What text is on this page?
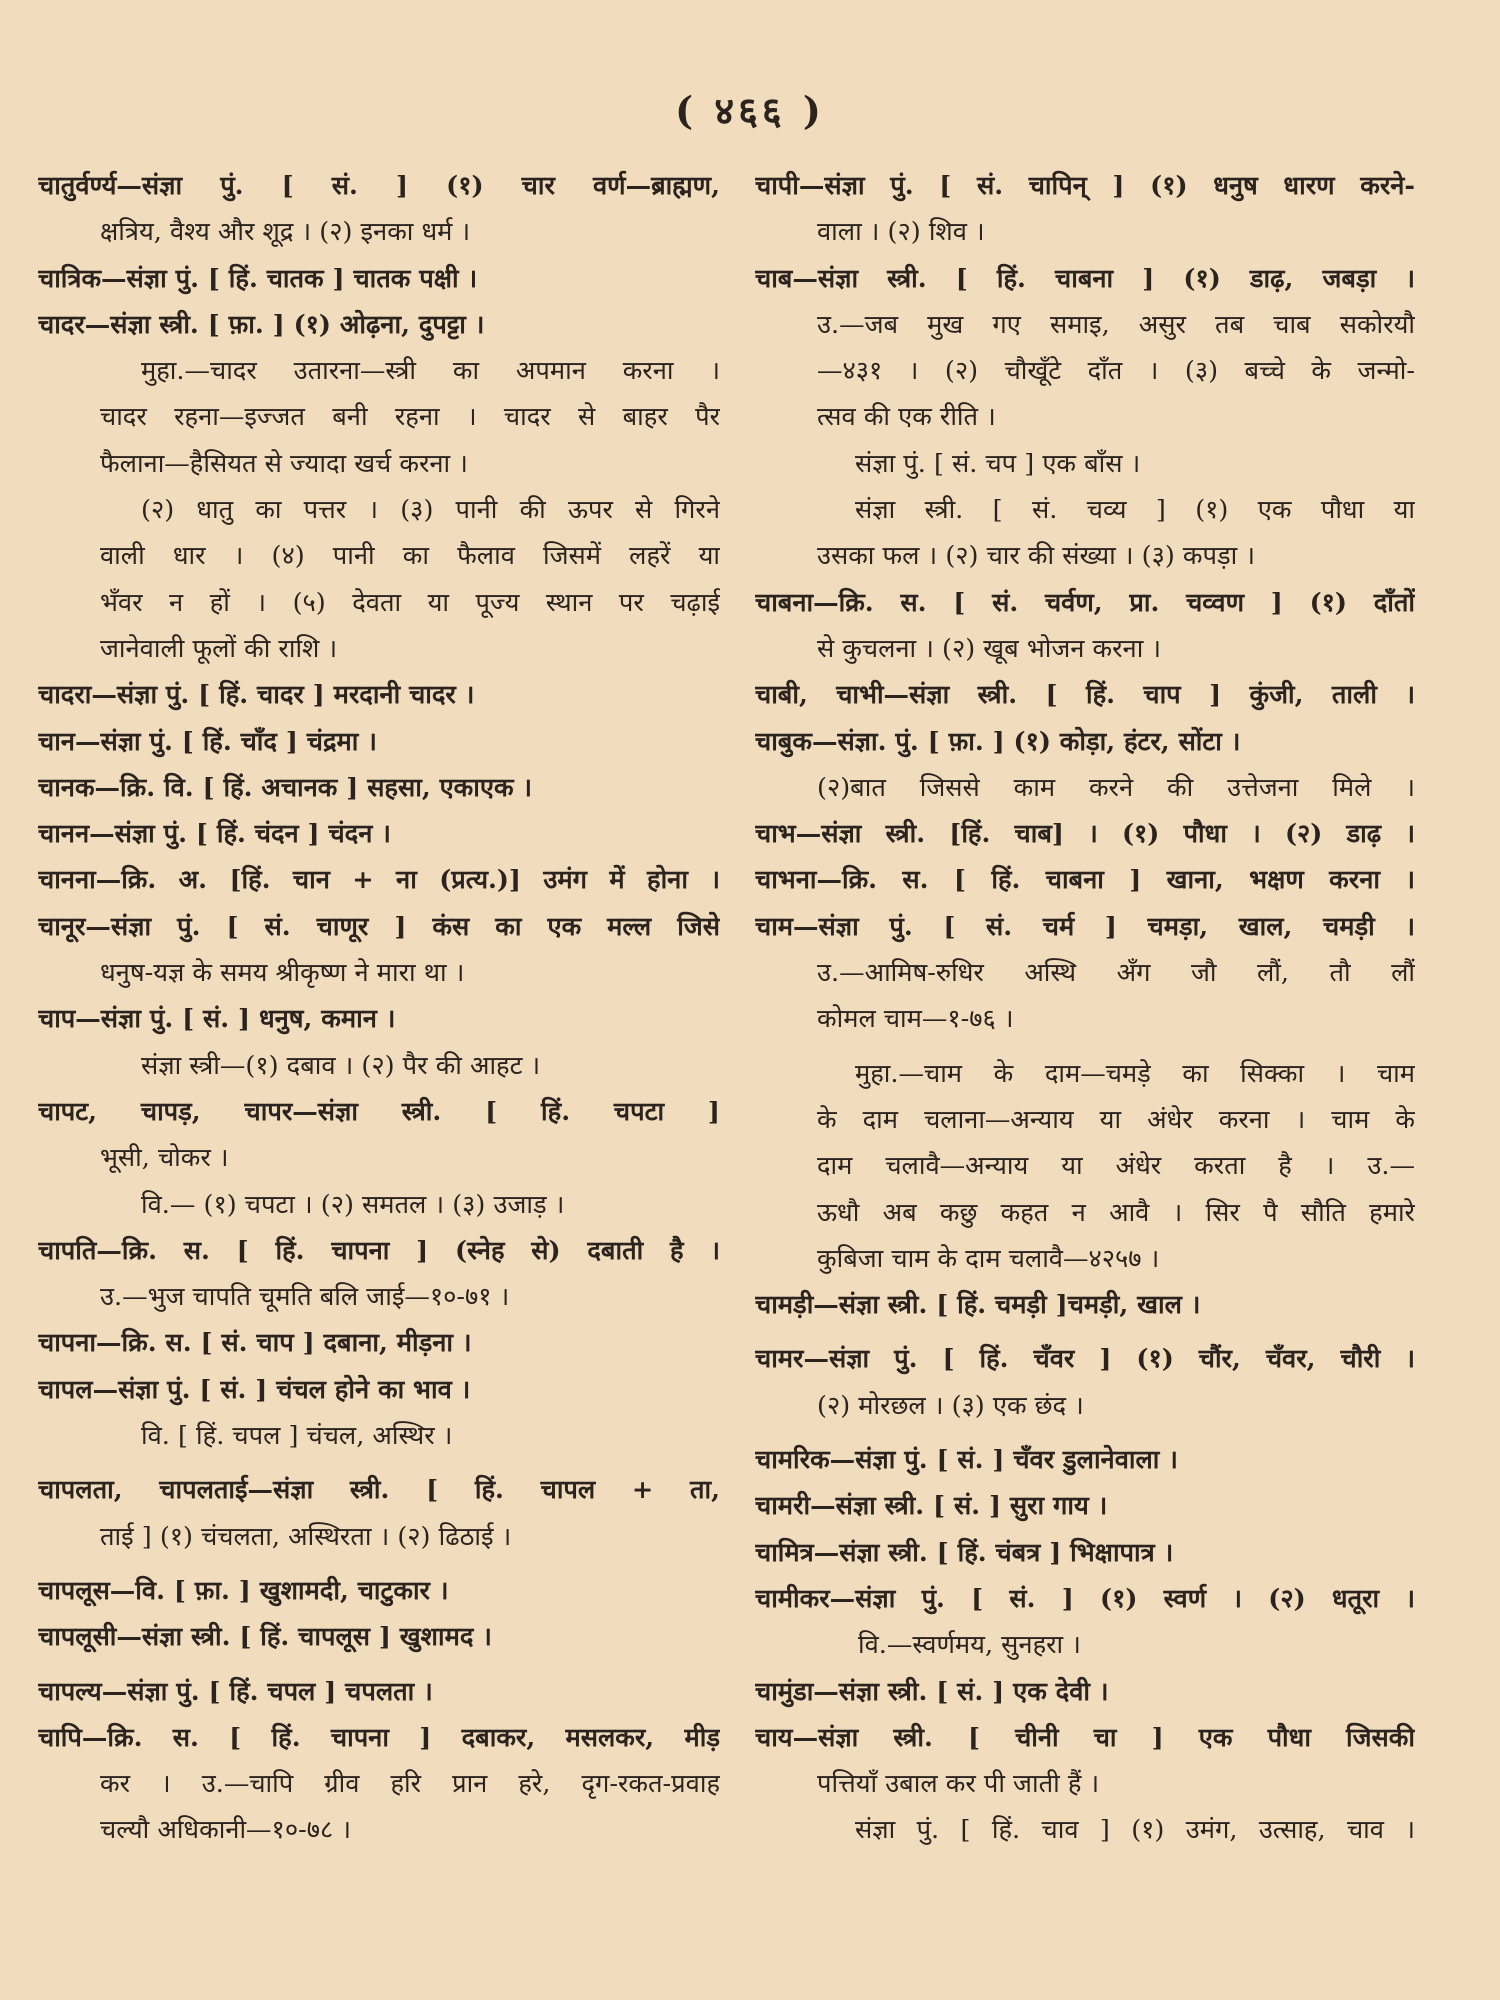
( ४६६ )
चातुर्वर्ण्य—संज्ञा पुं. [ सं. ] (१) चार वर्ण—ब्राह्मण,
क्षत्रिय, वैश्य और शूद्र । (२) इनका धर्म ।
चात्रिक—संज्ञा पुं. [ हिं. चातक ] चातक पक्षी ।
चादर—संज्ञा स्त्री. [ फ़ा. ] (१) ओढ़ना, दुपट्टा ।
मुहा.—चादर उतारना—स्त्री का अपमान करना ।
चादर रहना—इज्जत बनी रहना । चादर से बाहर पैर
फैलाना—हैसियत से ज्यादा खर्च करना ।
(२) धातु का पत्तर । (३) पानी की ऊपर से गिरने
वाली धार । (४) पानी का फैलाव जिसमें लहरें या
भँवर न हों । (५) देवता या पूज्य स्थान पर चढ़ाई
जानेवाली फूलों की राशि ।
चादरा—संज्ञा पुं. [ हिं. चादर ] मरदानी चादर ।
चान—संज्ञा पुं. [ हिं. चाँद ] चंद्रमा ।
चानक—क्रि. वि. [ हिं. अचानक ] सहसा, एकाएक ।
चानन—संज्ञा पुं. [ हिं. चंदन ] चंदन ।
चानना—क्रि. अ. [हिं. चान + ना (प्रत्य.)] उमंग में होना ।
चानूर—संज्ञा पुं. [ सं. चाणूर ] कंस का एक मल्ल जिसे
धनुष-यज्ञ के समय श्रीकृष्ण ने मारा था ।
चाप—संज्ञा पुं. [ सं. ] धनुष, कमान ।
संज्ञा स्त्री—(१) दबाव । (२) पैर की आहट ।
चापट, चापड़, चापर—संज्ञा स्त्री. [ हिं. चपटा ]
भूसी, चोकर ।
वि.— (१) चपटा । (२) समतल । (३) उजाड़ ।
चापति—क्रि. स. [ हिं. चापना ] (स्नेह से) दबाती है ।
उ.—भुज चापति चूमति बलि जाई—१०-७१ ।
चापना—क्रि. स. [ सं. चाप ] दबाना, मीड़ना ।
चापल—संज्ञा पुं. [ सं. ] चंचल होने का भाव ।
वि. [ हिं. चपल ] चंचल, अस्थिर ।
चापलता, चापलताई—संज्ञा स्त्री. [ हिं. चापल + ता,
ताई ] (१) चंचलता, अस्थिरता । (२) ढिठाई ।
चापलूस—वि. [ फ़ा. ] खुशामदी, चाटुकार ।
चापलूसी—संज्ञा स्त्री. [ हिं. चापलूस ] खुशामद ।
चापल्य—संज्ञा पुं. [ हिं. चपल ] चपलता ।
चापि—क्रि. स. [ हिं. चापना ] दबाकर, मसलकर, मीड़
कर । उ.—चापि ग्रीव हरि प्रान हरे, दृग-रकत-प्रवाह
चल्यौ अधिकानी—१०-७८ ।
चापी—संज्ञा पुं. [ सं. चापिन् ] (१) धनुष धारण करने-
वाला । (२) शिव ।
चाब—संज्ञा स्त्री. [ हिं. चाबना ] (१) डाढ़, जबड़ा ।
उ.—जब मुख गए समाइ, असुर तब चाब सकोरयौ
—४३१ । (२) चौखूँटे दाँत । (३) बच्चे के जन्मो-
त्सव की एक रीति ।
संज्ञा पुं. [ सं. चप ] एक बाँस ।
संज्ञा स्त्री. [ सं. चव्य ] (१) एक पौधा या
उसका फल । (२) चार की संख्या । (३) कपड़ा ।
चाबना—क्रि. स. [ सं. चर्वण, प्रा. चव्वण ] (१) दाँतों
से कुचलना । (२) खूब भोजन करना ।
चाबी, चाभी—संज्ञा स्त्री. [ हिं. चाप ] कुंजी, ताली ।
चाबुक—संज्ञा. पुं. [ फ़ा. ] (१) कोड़ा, हंटर, सोंटा ।
(२)बात जिससे काम करने की उत्तेजना मिले ।
चाभ—संज्ञा स्त्री. [हिं. चाब] । (१) पौधा । (२) डाढ़ ।
चाभना—क्रि. स. [ हिं. चाबना ] खाना, भक्षण करना ।
चाम—संज्ञा पुं. [ सं. चर्म ] चमड़ा, खाल, चमड़ी ।
उ.—आमिष-रुधिर अस्थि अँग जौ लौं, तौ लौं
कोमल चाम—१-७६ ।
मुहा.—चाम के दाम—चमड़े का सिक्का । चाम
के दाम चलाना—अन्याय या अंधेर करना । चाम के
दाम चलावै—अन्याय या अंधेर करता है । उ.—
ऊधौ अब कछु कहत न आवै । सिर पै सौति हमारे
कुबिजा चाम के दाम चलावै—४२५७ ।
चामड़ी—संज्ञा स्त्री. [ हिं. चमड़ी ]चमड़ी, खाल ।
चामर—संज्ञा पुं. [ हिं. चँवर ] (१) चौंर, चँवर, चौरी ।
(२) मोरछल । (३) एक छंद ।
चामरिक—संज्ञा पुं. [ सं. ] चँवर डुलानेवाला ।
चामरी—संज्ञा स्त्री. [ सं. ] सुरा गाय ।
चामित्र—संज्ञा स्त्री. [ हिं. चंबत्र ] भिक्षापात्र ।
चामीकर—संज्ञा पुं. [ सं. ] (१) स्वर्ण । (२) धतूरा ।
वि.—स्वर्णमय, सुनहरा ।
चामुंडा—संज्ञा स्त्री. [ सं. ] एक देवी ।
चाय—संज्ञा स्त्री. [ चीनी चा ] एक पौधा जिसकी
पत्तियाँ उबाल कर पी जाती हैं ।
संज्ञा पुं. [ हिं. चाव ] (१) उमंग, उत्साह, चाव ।
